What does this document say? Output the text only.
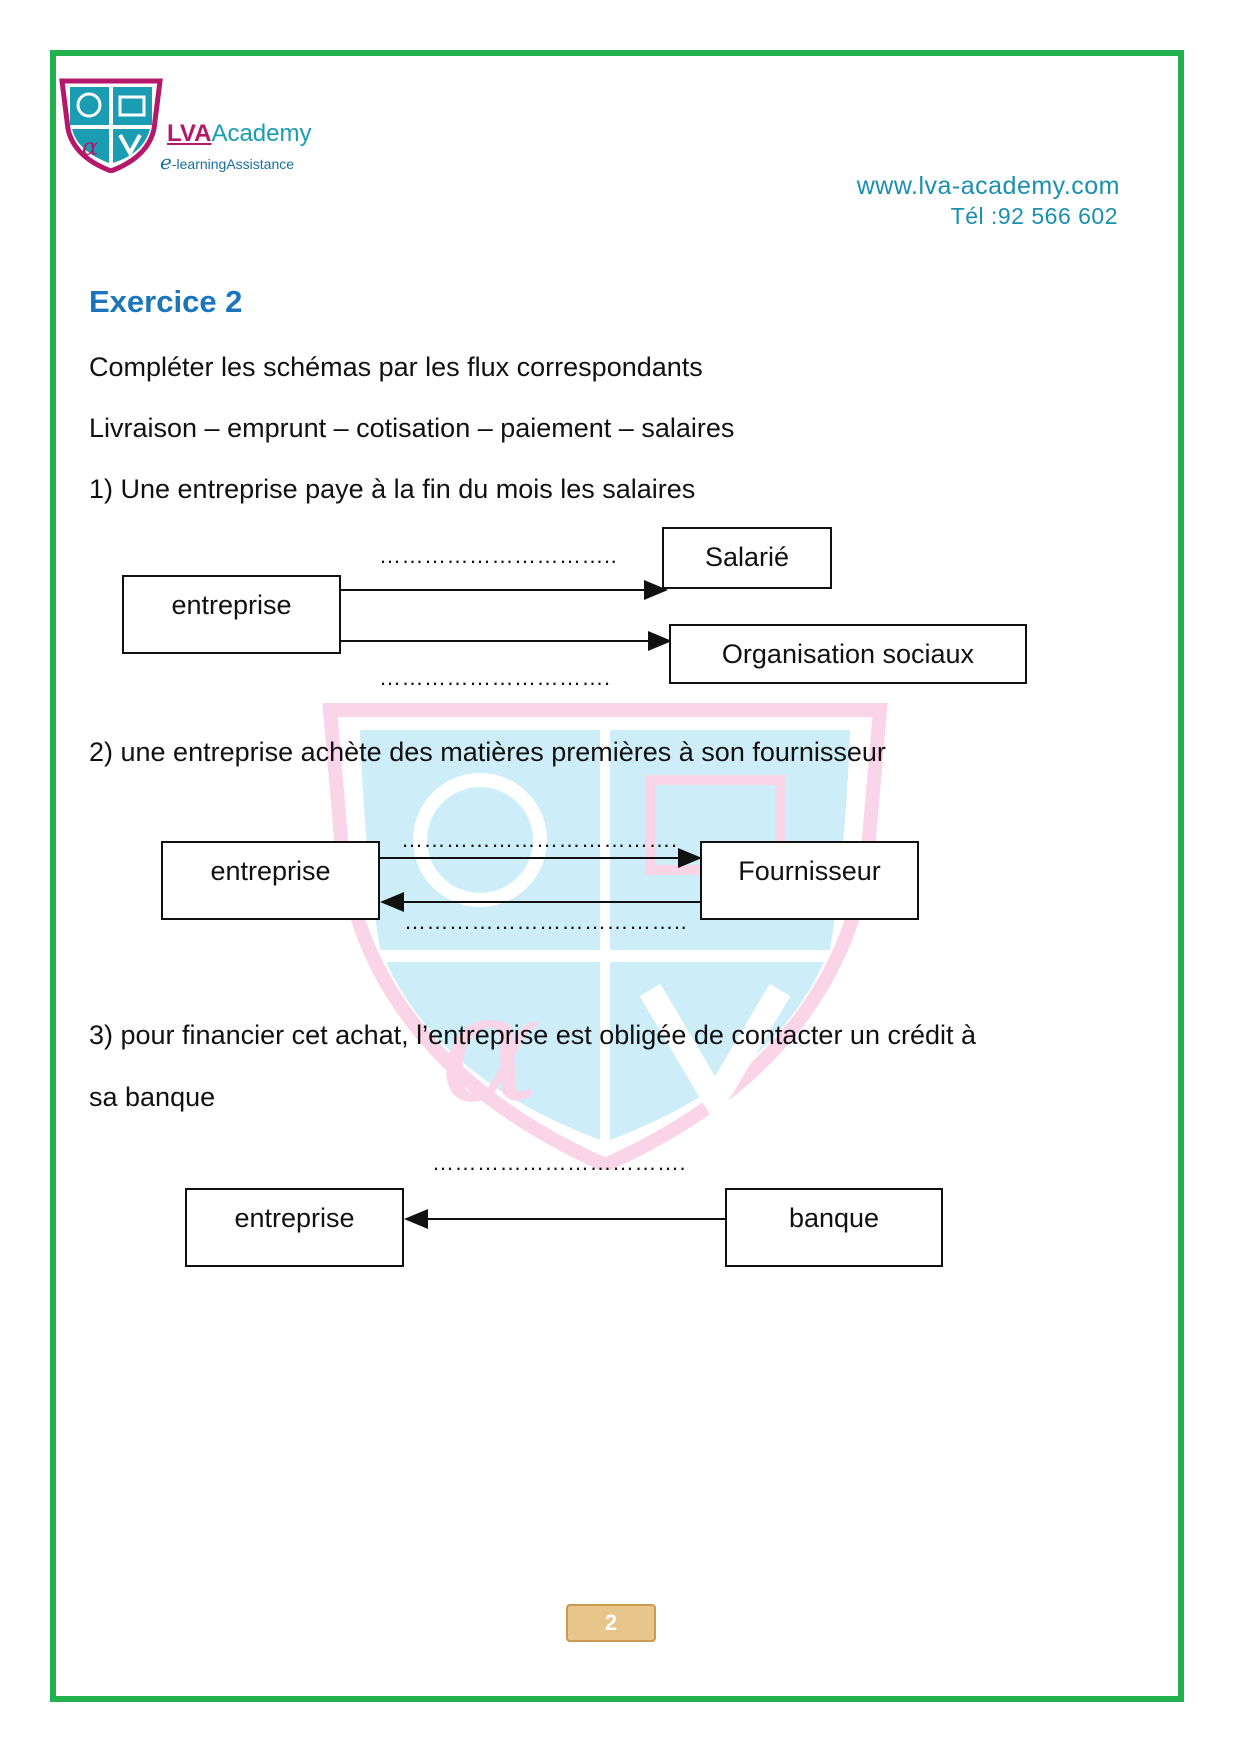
α	LVAAcademy
e-learningAssistance
www.lva-academy.com
Tél :92 566 602
α
Exercice 2
Compléter les schémas par les flux correspondants
Livraison – emprunt – cotisation – paiement – salaires
1) Une entreprise paye à la fin du mois les salaires
2) une entreprise achète des matières premières à son fournisseur
3) pour financier cet achat, l’entreprise est obligée de contacter un crédit à
sa banque
entreprise
Salarié
Organisation sociaux
…………………………..
………………………….
entreprise	Fournisseur
……………………………….
………………………………..
entreprise	banque
…………………………….
2
